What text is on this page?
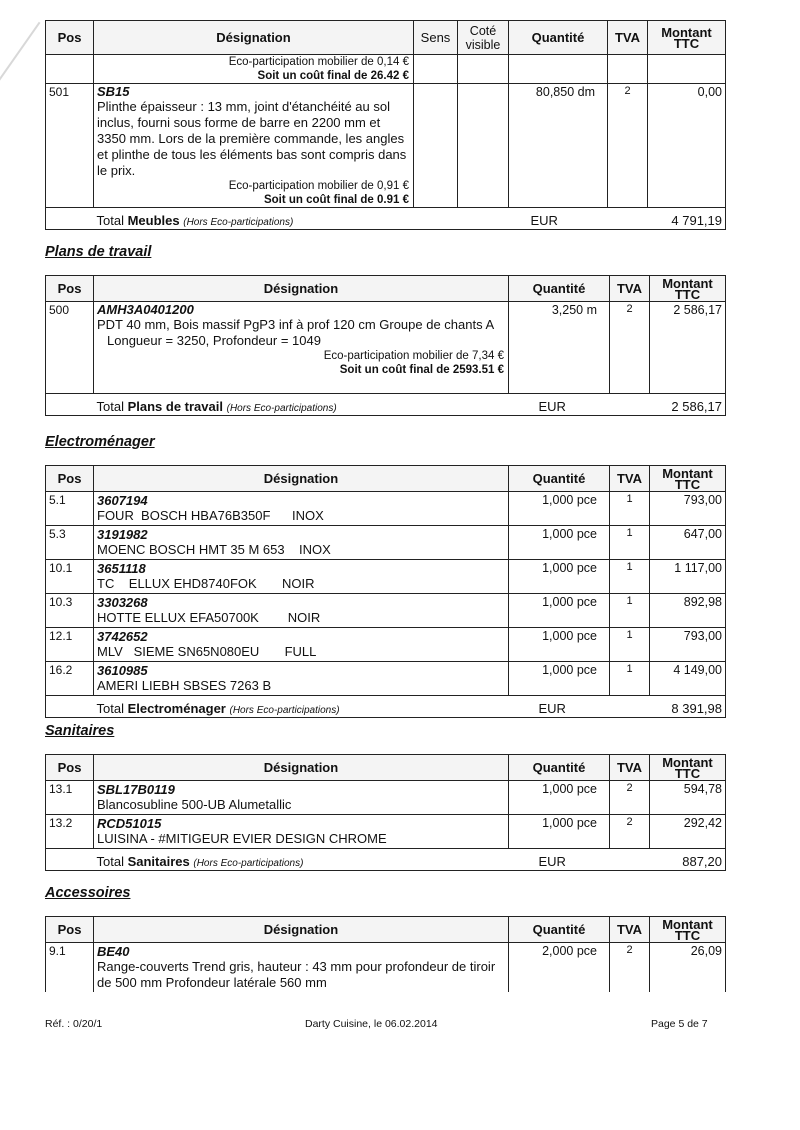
Pos	Désignation	Sens	Coté visible	Quantité	TVA	Montant TTC

	Eco-participation mobilier de 0,14 €
Soit un coût final de 26.42 €					

501	SB15
Plinthe épaisseur : 13 mm, joint d'étanchéité au sol inclus, fourni sous forme de barre en 2200 mm et 3350 mm. Lors de la première commande, les angles et plinthe de tous les éléments bas sont compris dans le prix.
Eco-participation mobilier de 0,91 €
Soit un coût final de 0.91 €			80,850 dm	2	0,00
	Total Meubles (Hors Eco-participations)			EUR		4 791,19
Plans de travail
Pos	Désignation	Quantité	TVA	Montant TTC
500	AMH3A0401200
PDT 40 mm, Bois massif PgP3 inf à prof 120 cm Groupe de chants A
Longueur = 3250, Profondeur = 1049
Eco-participation mobilier de 7,34 €
Soit un coût final de 2593.51 €	3,250 m	2	2 586,17
	Total Plans de travail (Hors Eco-participations)	EUR		2 586,17
Electroménager
Pos	Désignation	Quantité	TVA	Montant TTC
5.1	3607194
FOUR  BOSCH HBA76B350F      INOX	1,000 pce	1	793,00
5.3	3191982
MOENC BOSCH HMT 35 M 653    INOX	1,000 pce	1	647,00
10.1	3651118
TC    ELLUX EHD8740FOK       NOIR	1,000 pce	1	1 117,00
10.3	3303268
HOTTE ELLUX EFA50700K        NOIR	1,000 pce	1	892,98
12.1	3742652
MLV   SIEME SN65N080EU       FULL	1,000 pce	1	793,00
16.2	3610985
AMERI LIEBH SBSES 7263 B	1,000 pce	1	4 149,00
	Total Electroménager (Hors Eco-participations)	EUR		8 391,98
Sanitaires
Pos	Désignation	Quantité	TVA	Montant TTC
13.1	SBL17B0119
Blancosubline 500-UB Alumetallic	1,000 pce	2	594,78
13.2	RCD51015
LUISINA - #MITIGEUR EVIER DESIGN CHROME	1,000 pce	2	292,42
	Total Sanitaires (Hors Eco-participations)	EUR		887,20
Accessoires
Pos	Désignation	Quantité	TVA	Montant TTC
9.1	BE40
Range-couverts Trend gris, hauteur : 43 mm pour profondeur de tiroir de 500 mm Profondeur latérale 560 mm	2,000 pce	2	26,09
Réf. : 0/20/1	Darty Cuisine, le 06.02.2014	Page 5 de 7
